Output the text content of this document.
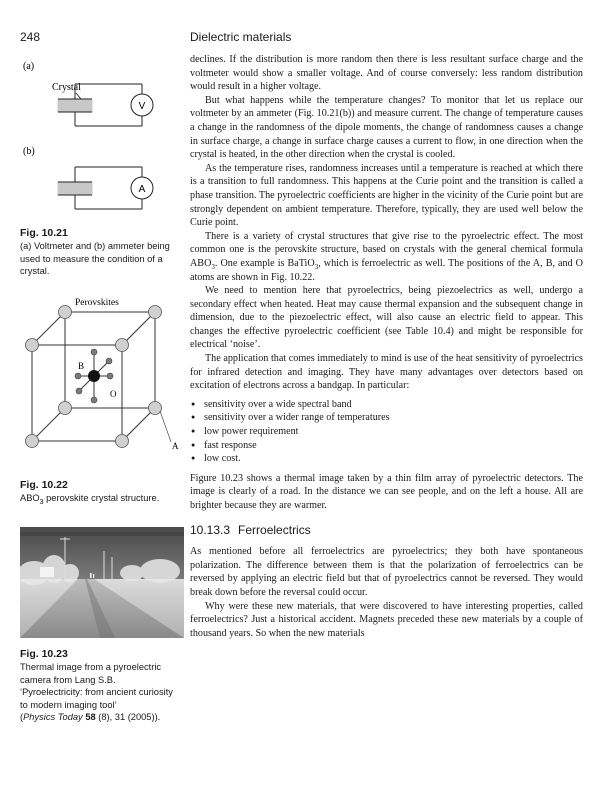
248	Dielectric materials
(a)
Crystal
V
(b)
A
Fig. 10.21
(a) Voltmeter and (b) ammeter being used to measure the condition of a crystal.
Perovskites
B
O
A
Fig. 10.22
$ABO_3$ perovskite crystal structure.
Fig. 10.23
Thermal image from a pyroelectric camera from Lang S.B. ‘Pyroelectricity: from ancient curiosity to modern imaging tool’
(Physics Today 58 (8), 31 (2005)).

declines. If the distribution is more random then there is less resultant surface charge and the voltmeter would show a smaller voltage. And of course conversely: less random distribution would result in a higher voltage.

But what happens while the temperature changes? To monitor that let us replace our voltmeter by an ammeter (Fig. 10.21(b)) and measure current. The change of temperature causes a change in the randomness of the dipole moments, the change of randomness causes a change in surface charge, a change in surface charge causes a current to flow, in one direction when the crystal is heated, in the other direction when the crystal is cooled.

As the temperature rises, randomness increases until a temperature is reached at which there is a transition to full randomness. This happens at the Curie point and the transition is called a phase transition. The pyroelectric coefficients are higher in the vicinity of the Curie point but are strongly dependent on ambient temperature. Therefore, typically, they are used well below the Curie point.

There is a variety of crystal structures that give rise to the pyroelectric effect. The most common one is the perovskite structure, based on crystals with the general chemical formula $ABO_3$. One example is BaTiO$_3$, which is ferroelectric as well. The positions of the A, B, and O atoms are shown in Fig. 10.22.

We need to mention here that pyroelectrics, being piezoelectrics as well, undergo a secondary effect when heated. Heat may cause thermal expansion and the subsequent change in dimension, due to the piezoelectric effect, will also cause an electric field to appear. This changes the effective pyroelectric coefficient (see Table 10.4) and might be responsible for electrical ‘noise’.

The application that comes immediately to mind is use of the heat sensitivity of pyroelectrics for infrared detection and imaging. They have many advantages over detectors based on excitation of electrons across a bandgap. In particular:

● sensitivity over a wide spectral band
● sensitivity over a wider range of temperatures
● low power requirement
● fast response
● low cost.

Figure 10.23 shows a thermal image taken by a thin film array of pyroelectric detectors. The image is clearly of a road. In the distance we can see people, and on the left a house. All are brighter because they are warmer.

10.13.3 Ferroelectrics

As mentioned before all ferroelectrics are pyroelectrics; they both have spontaneous polarization. The difference between them is that the polarization of ferroelectrics can be reversed by applying an electric field but that of pyroelectrics cannot be reversed. They would break down before the reversal could occur.

Why were these new materials, that were discovered to have interesting properties, called ferroelectrics? Just a historical accident. Magnets preceded these new materials by a couple of thousand years. So when the new materials
